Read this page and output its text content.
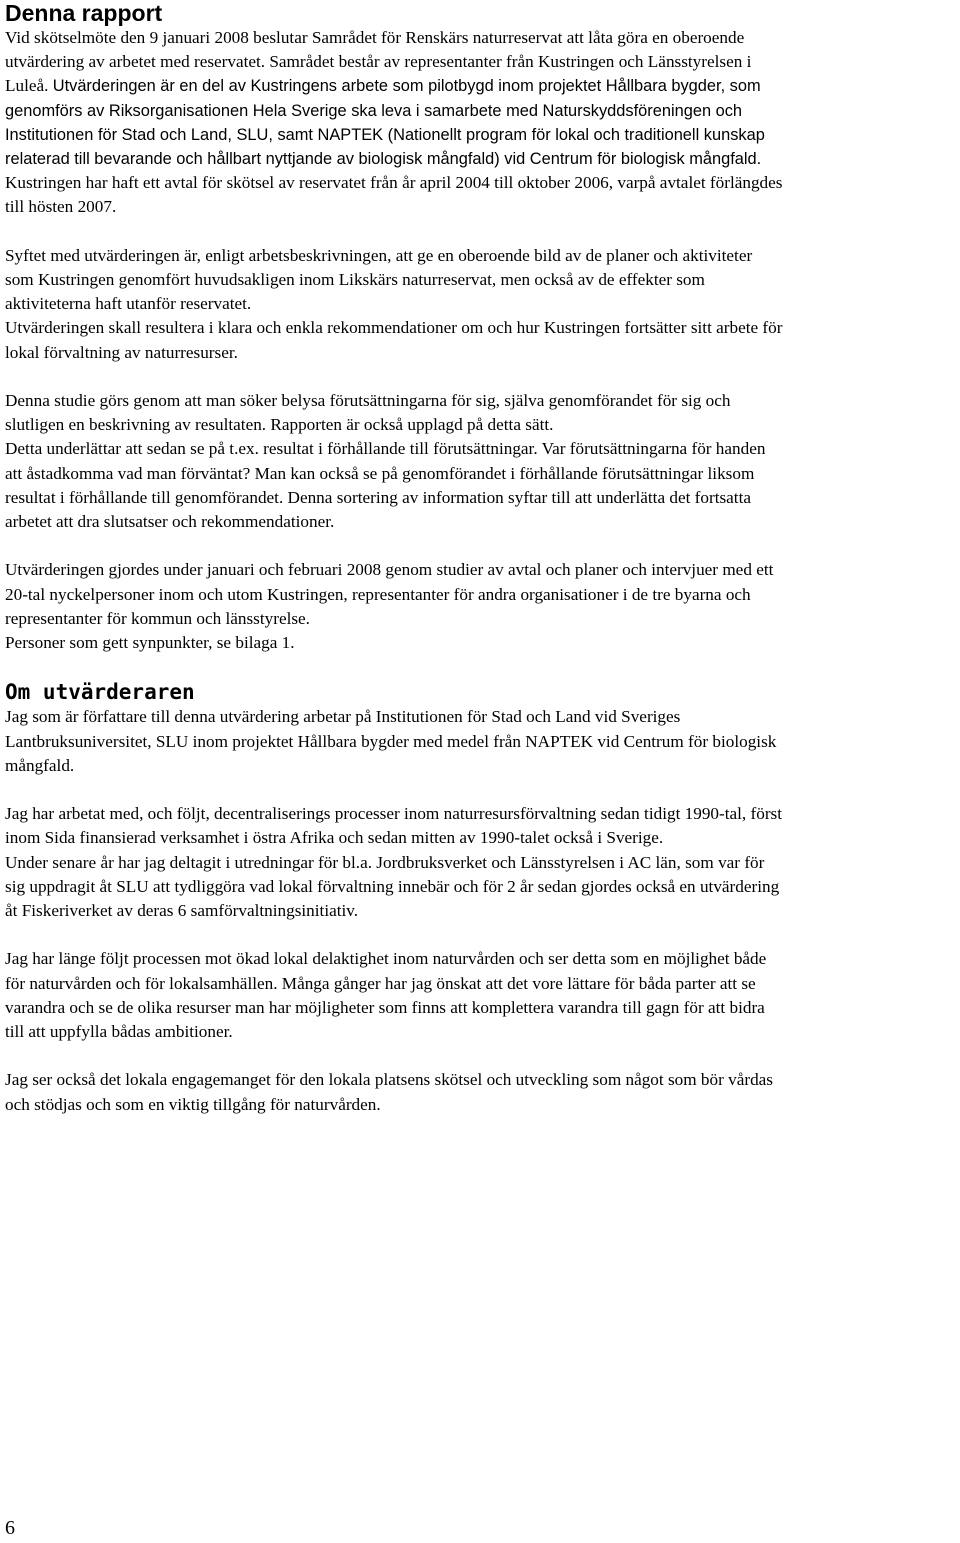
Denna rapport

Vid skötselmöte den 9 januari 2008 beslutar Samrådet för Renskärs naturreservat att låta göra en oberoende
utvärdering av arbetet med reservatet. Samrådet består av representanter från Kustringen och Länsstyrelsen i
Luleå. Utvärderingen är en del av Kustringens arbete som pilotbygd inom projektet Hållbara bygder, som
genomförs av Riksorganisationen Hela Sverige ska leva i samarbete med Naturskyddsföreningen och
Institutionen för Stad och Land, SLU, samt NAPTEK (Nationellt program för lokal och traditionell kunskap
relaterad till bevarande och hållbart nyttjande av biologisk mångfald) vid Centrum för biologisk mångfald.
Kustringen har haft ett avtal för skötsel av reservatet från år april 2004 till oktober 2006, varpå avtalet förlängdes
till hösten 2007.

Syftet med utvärderingen är, enligt arbetsbeskrivningen, att ge en oberoende bild av de planer och aktiviteter
som Kustringen genomfört huvudsakligen inom Likskärs naturreservat, men också av de effekter som
aktiviteterna haft utanför reservatet.
Utvärderingen skall resultera i klara och enkla rekommendationer om och hur Kustringen fortsätter sitt arbete för
lokal förvaltning av naturresurser.

Denna studie görs genom att man söker belysa förutsättningarna för sig, själva genomförandet för sig och
slutligen en beskrivning av resultaten. Rapporten är också upplagd på detta sätt.
Detta underlättar att sedan se på t.ex. resultat i förhållande till förutsättningar. Var förutsättningarna för handen
att åstadkomma vad man förväntat? Man kan också se på genomförandet i förhållande förutsättningar liksom
resultat i förhållande till genomförandet. Denna sortering av information syftar till att underlätta det fortsatta
arbetet att dra slutsatser och rekommendationer.

Utvärderingen gjordes under januari och februari 2008 genom studier av avtal och planer och intervjuer med ett
20-tal nyckelpersoner inom och utom Kustringen, representanter för andra organisationer i de tre byarna och
representanter för kommun och länsstyrelse.
Personer som gett synpunkter, se bilaga 1.

Om utvärderaren

Jag som är författare till denna utvärdering arbetar på Institutionen för Stad och Land vid Sveriges
Lantbruksuniversitet, SLU inom projektet Hållbara bygder med medel från NAPTEK vid Centrum för biologisk
mångfald.

Jag har arbetat med, och följt, decentraliserings processer inom naturresursförvaltning sedan tidigt 1990-tal, först
inom Sida finansierad verksamhet i östra Afrika och sedan mitten av 1990-talet också i Sverige.
Under senare år har jag deltagit i utredningar för bl.a. Jordbruksverket och Länsstyrelsen i AC län, som var för
sig uppdragit åt SLU att tydliggöra vad lokal förvaltning innebär och för 2 år sedan gjordes också en utvärdering
åt Fiskeriverket av deras 6 samförvaltningsinitiativ.

Jag har länge följt processen mot ökad lokal delaktighet inom naturvården och ser detta som en möjlighet både
för naturvården och för lokalsamhällen. Många gånger har jag önskat att det vore lättare för båda parter att se
varandra och se de olika resurser man har möjligheter som finns att komplettera varandra till gagn för att bidra
till att uppfylla bådas ambitioner.

Jag ser också det lokala engagemanget för den lokala platsens skötsel och utveckling som något som bör vårdas
och stödjas och som en viktig tillgång för naturvården.

6
